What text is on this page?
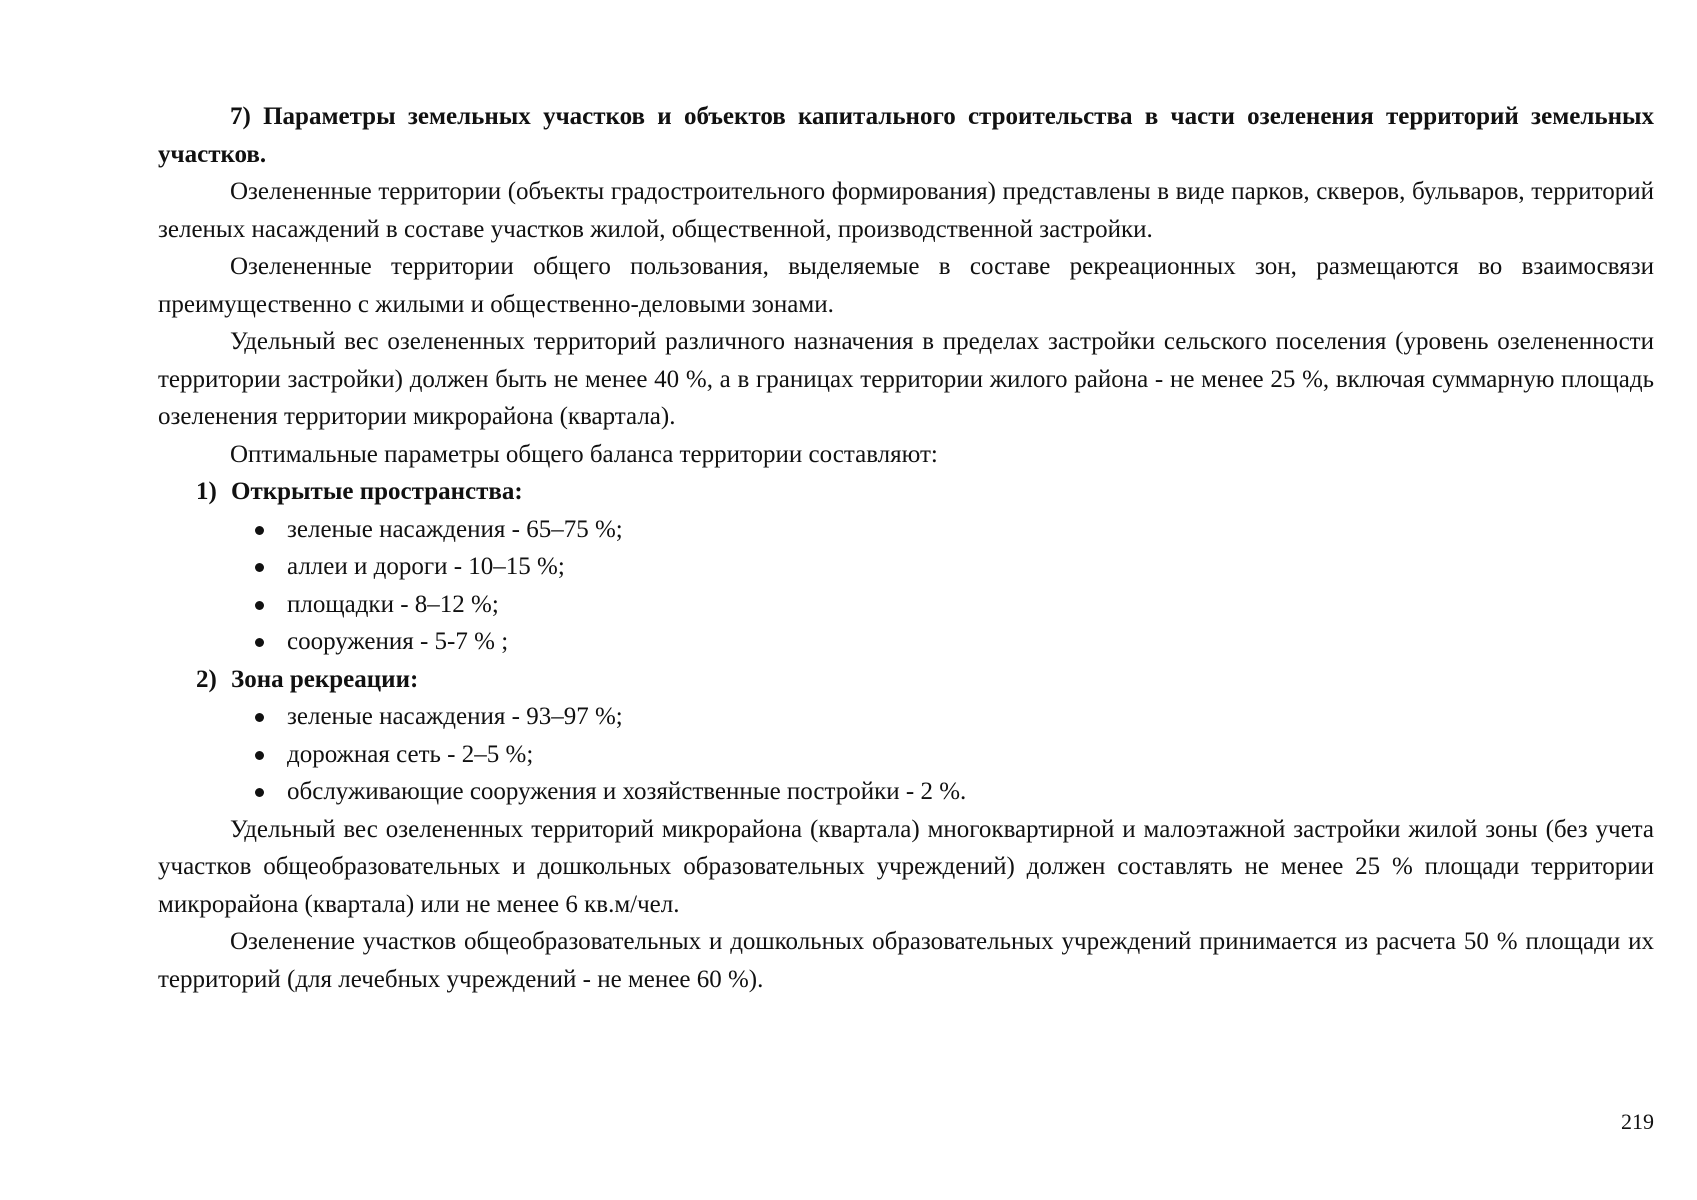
7) Параметры земельных участков и объектов капитального строительства в части озеленения территорий земельных участков.

Озелененные территории (объекты градостроительного формирования) представлены в виде парков, скверов, бульваров, территорий зеленых насаждений в составе участков жилой, общественной, производственной застройки.

Озелененные территории общего пользования, выделяемые в составе рекреационных зон, размещаются во взаимосвязи преимущественно с жилыми и общественно-деловыми зонами.

Удельный вес озелененных территорий различного назначения в пределах застройки сельского поселения (уровень озелененности территории застройки) должен быть не менее 40 %, а в границах территории жилого района - не менее 25 %, включая суммарную площадь озеленения территории микрорайона (квартала).

Оптимальные параметры общего баланса территории составляют:

1) Открытые пространства:

зеленые насаждения - 65–75 %;
аллеи и дороги - 10–15 %;
площадки - 8–12 %;
сооружения - 5-7 % ;

2) Зона рекреации:

зеленые насаждения - 93–97 %;
дорожная сеть - 2–5 %;
обслуживающие сооружения и хозяйственные постройки - 2 %.

Удельный вес озелененных территорий микрорайона (квартала) многоквартирной и малоэтажной застройки жилой зоны (без учета участков общеобразовательных и дошкольных образовательных учреждений) должен составлять не менее 25 % площади территории микрорайона (квартала) или не менее 6 кв.м/чел.

Озеленение участков общеобразовательных и дошкольных образовательных учреждений принимается из расчета 50 % площади их территорий (для лечебных учреждений - не менее 60 %).

219
